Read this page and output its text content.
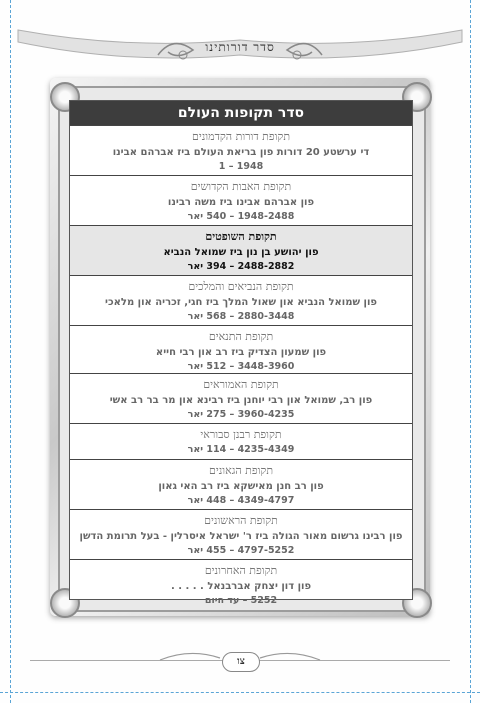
סדר דורותינו
סדר תקופות העולם
תקופת דורות הקדמונים
די ערשטע 20 דורות פון בריאת העולם ביז אברהם אבינו
1948 – 1
תקופת האבות הקדושים
פון אברהם אבינו ביז משה רבינו
1948-2488 – 540 יאר
תקופת השופטים
פון יהושע בן נון ביז שמואל הנביא
2488-2882 – 394 יאר
תקופת הנביאים והמלכים
פון שמואל הנביא און שאול המלך ביז חגי, זכריה און מלאכי
2880-3448 – 568 יאר
תקופת התנאים
פון שמעון הצדיק ביז רב און רבי חייא
3448-3960 – 512 יאר
תקופת האמוראים
פון רב, שמואל און רבי יוחנן ביז רבינא און מר בר רב אשי
3960-4235 – 275 יאר
תקופת רבנן סבוראי
4235-4349 – 114 יאר
תקופת הגאונים
פון רב חנן מאישקא ביז רב האי גאון
4349-4797 – 448 יאר
תקופת הראשונים
פון רבינו גרשום מאור הגולה ביז ר' ישראל איסרלין - בעל תרומת הדשן
4797-5252 – 455 יאר
תקופת האחרונים
פון דון יצחק אברבנאל . . . . .
5252 – עד היום
צו
